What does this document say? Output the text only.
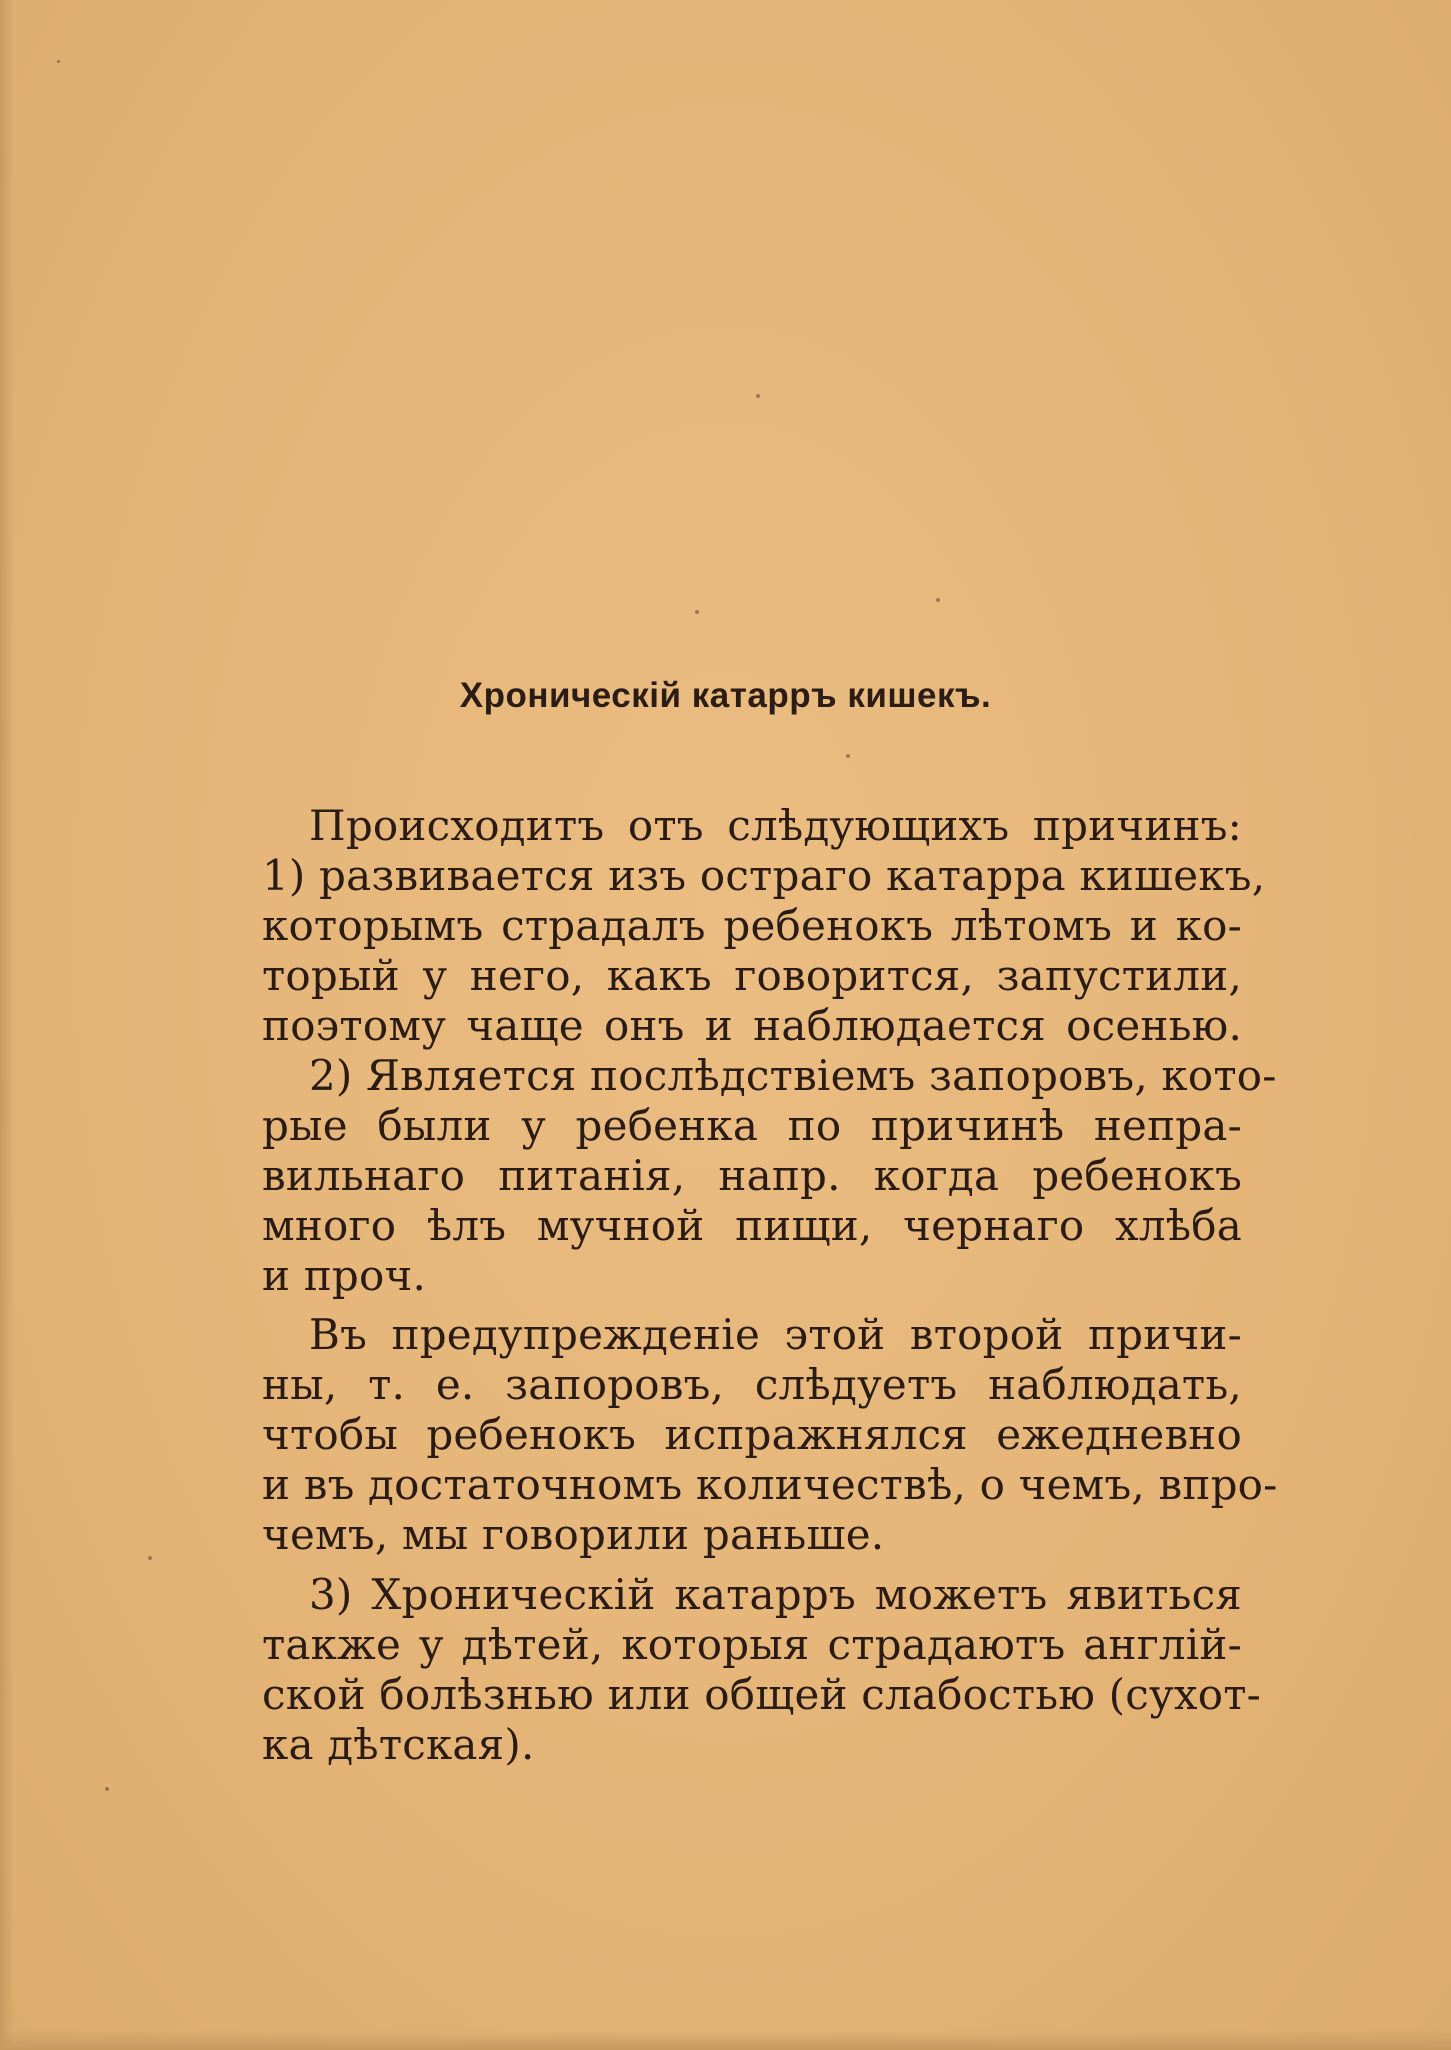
Хроническій катарръ кишекъ.
Происходитъ отъ слѣдующихъ причинъ:
1) развивается изъ остраго катарра кишекъ,
которымъ страдалъ ребенокъ лѣтомъ и ко-
торый у него, какъ говорится, запустили,
поэтому чаще онъ и наблюдается осенью.
2) Является послѣдствіемъ запоровъ, кото-
рые были у ребенка по причинѣ непра-
вильнаго питанія, напр. когда ребенокъ
много ѣлъ мучной пищи, чернаго хлѣба
и проч.
Въ предупрежденіе этой второй причи-
ны, т. е. запоровъ, слѣдуетъ наблюдать,
чтобы ребенокъ испражнялся ежедневно
и въ достаточномъ количествѣ, о чемъ, впро-
чемъ, мы говорили раньше.
3) Хроническій катарръ можетъ явиться
также у дѣтей, которыя страдаютъ англій-
ской болѣзнью или общей слабостью (сухот-
ка дѣтская).
